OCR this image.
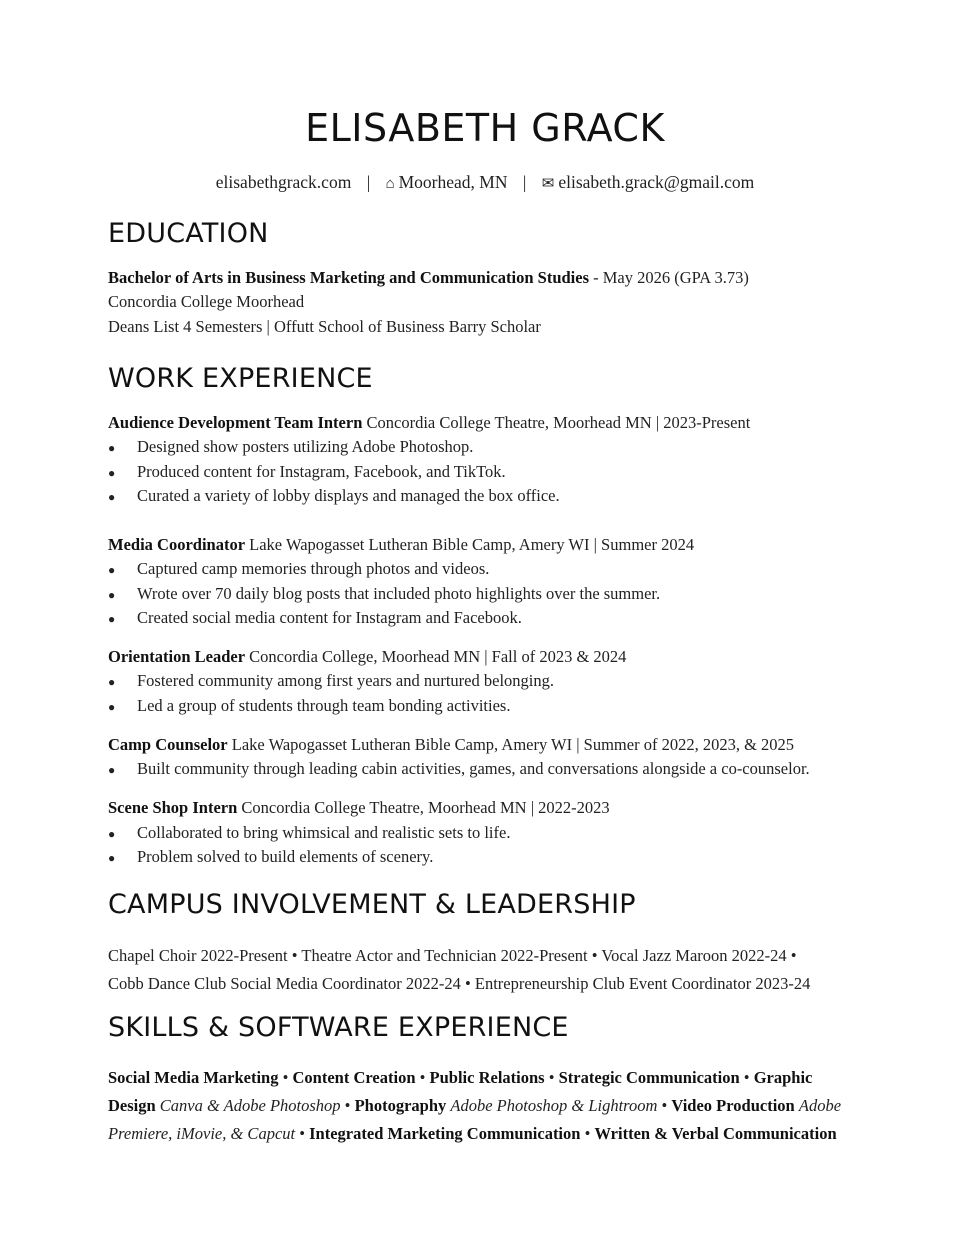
ELISABETH GRACK
elisabethgrack.com | ⌂ Moorhead, MN | ✉ elisabeth.grack@gmail.com
EDUCATION
Bachelor of Arts in Business Marketing and Communication Studies - May 2026 (GPA 3.73)
Concordia College Moorhead
Deans List 4 Semesters | Offutt School of Business Barry Scholar
WORK EXPERIENCE
Audience Development Team Intern Concordia College Theatre, Moorhead MN | 2023-Present
● Designed show posters utilizing Adobe Photoshop.
● Produced content for Instagram, Facebook, and TikTok.
● Curated a variety of lobby displays and managed the box office.
Media Coordinator Lake Wapogasset Lutheran Bible Camp, Amery WI | Summer 2024
● Captured camp memories through photos and videos.
● Wrote over 70 daily blog posts that included photo highlights over the summer.
● Created social media content for Instagram and Facebook.
Orientation Leader Concordia College, Moorhead MN | Fall of 2023 & 2024
● Fostered community among first years and nurtured belonging.
● Led a group of students through team bonding activities.
Camp Counselor Lake Wapogasset Lutheran Bible Camp, Amery WI | Summer of 2022, 2023, & 2025
● Built community through leading cabin activities, games, and conversations alongside a co-counselor.
Scene Shop Intern Concordia College Theatre, Moorhead MN | 2022-2023
● Collaborated to bring whimsical and realistic sets to life.
● Problem solved to build elements of scenery.
CAMPUS INVOLVEMENT & LEADERSHIP
Chapel Choir 2022-Present • Theatre Actor and Technician 2022-Present • Vocal Jazz Maroon 2022-24 •
Cobb Dance Club Social Media Coordinator 2022-24 • Entrepreneurship Club Event Coordinator 2023-24
SKILLS & SOFTWARE EXPERIENCE
Social Media Marketing • Content Creation • Public Relations • Strategic Communication • Graphic
Design Canva & Adobe Photoshop • Photography Adobe Photoshop & Lightroom • Video Production Adobe
Premiere, iMovie, & Capcut • Integrated Marketing Communication • Written & Verbal Communication
